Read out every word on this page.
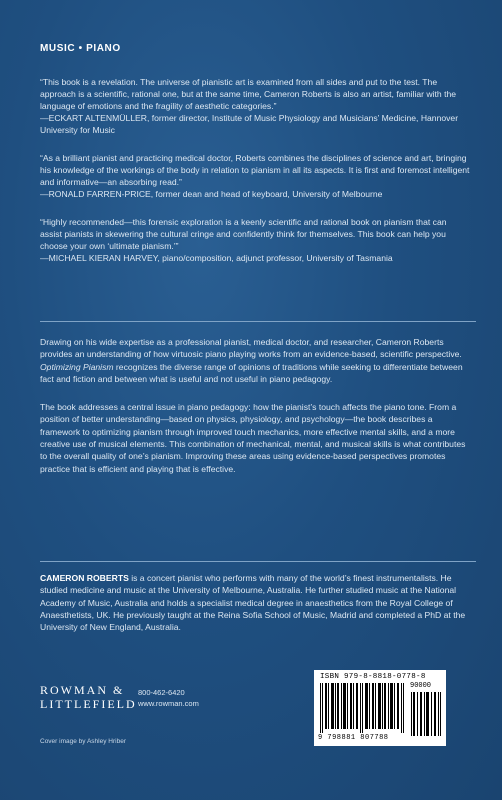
MUSIC • PIANO
“This book is a revelation. The universe of pianistic art is examined from all sides and put to the test. The approach is a scientific, rational one, but at the same time, Cameron Roberts is also an artist, familiar with the language of emotions and the fragility of aesthetic categories.”
—ECKART ALTENMÜLLER, former director, Institute of Music Physiology and Musicians’ Medicine, Hannover University for Music
“As a brilliant pianist and practicing medical doctor, Roberts combines the disciplines of science and art, bringing his knowledge of the workings of the body in relation to pianism in all its aspects. It is first and foremost intelligent and informative—an absorbing read.”
—RONALD FARREN-PRICE, former dean and head of keyboard, University of Melbourne
“Highly recommended—this forensic exploration is a keenly scientific and rational book on pianism that can assist pianists in skewering the cultural cringe and confidently think for themselves. This book can help you choose your own ‘ultimate pianism.’”
—MICHAEL KIERAN HARVEY, piano/composition, adjunct professor, University of Tasmania

Drawing on his wide expertise as a professional pianist, medical doctor, and researcher, Cameron Roberts provides an understanding of how virtuosic piano playing works from an evidence-based, scientific perspective. Optimizing Pianism recognizes the diverse range of opinions of traditions while seeking to differentiate between fact and fiction and between what is useful and not useful in piano pedagogy.

The book addresses a central issue in piano pedagogy: how the pianist’s touch affects the piano tone. From a position of better understanding—based on physics, physiology, and psychology—the book describes a framework to optimizing pianism through improved touch mechanics, more effective mental skills, and a more creative use of musical elements. This combination of mechanical, mental, and musical skills is what contributes to the overall quality of one’s pianism. Improving these areas using evidence-based perspectives promotes practice that is efficient and playing that is effective.

CAMERON ROBERTS is a concert pianist who performs with many of the world’s finest instrumentalists. He studied medicine and music at the University of Melbourne, Australia. He further studied music at the National Academy of Music, Australia and holds a specialist medical degree in anaesthetics from the Royal College of Anaesthetists, UK. He previously taught at the Reina Sofia School of Music, Madrid and completed a PhD at the University of New England, Australia.
ROWMAN &
LITTLEFIELD
800-462-6420
www.rowman.com
Cover image by Ashley Hriber
ISBN 979-8-8818-0778-8
90000
9 798881 807788
